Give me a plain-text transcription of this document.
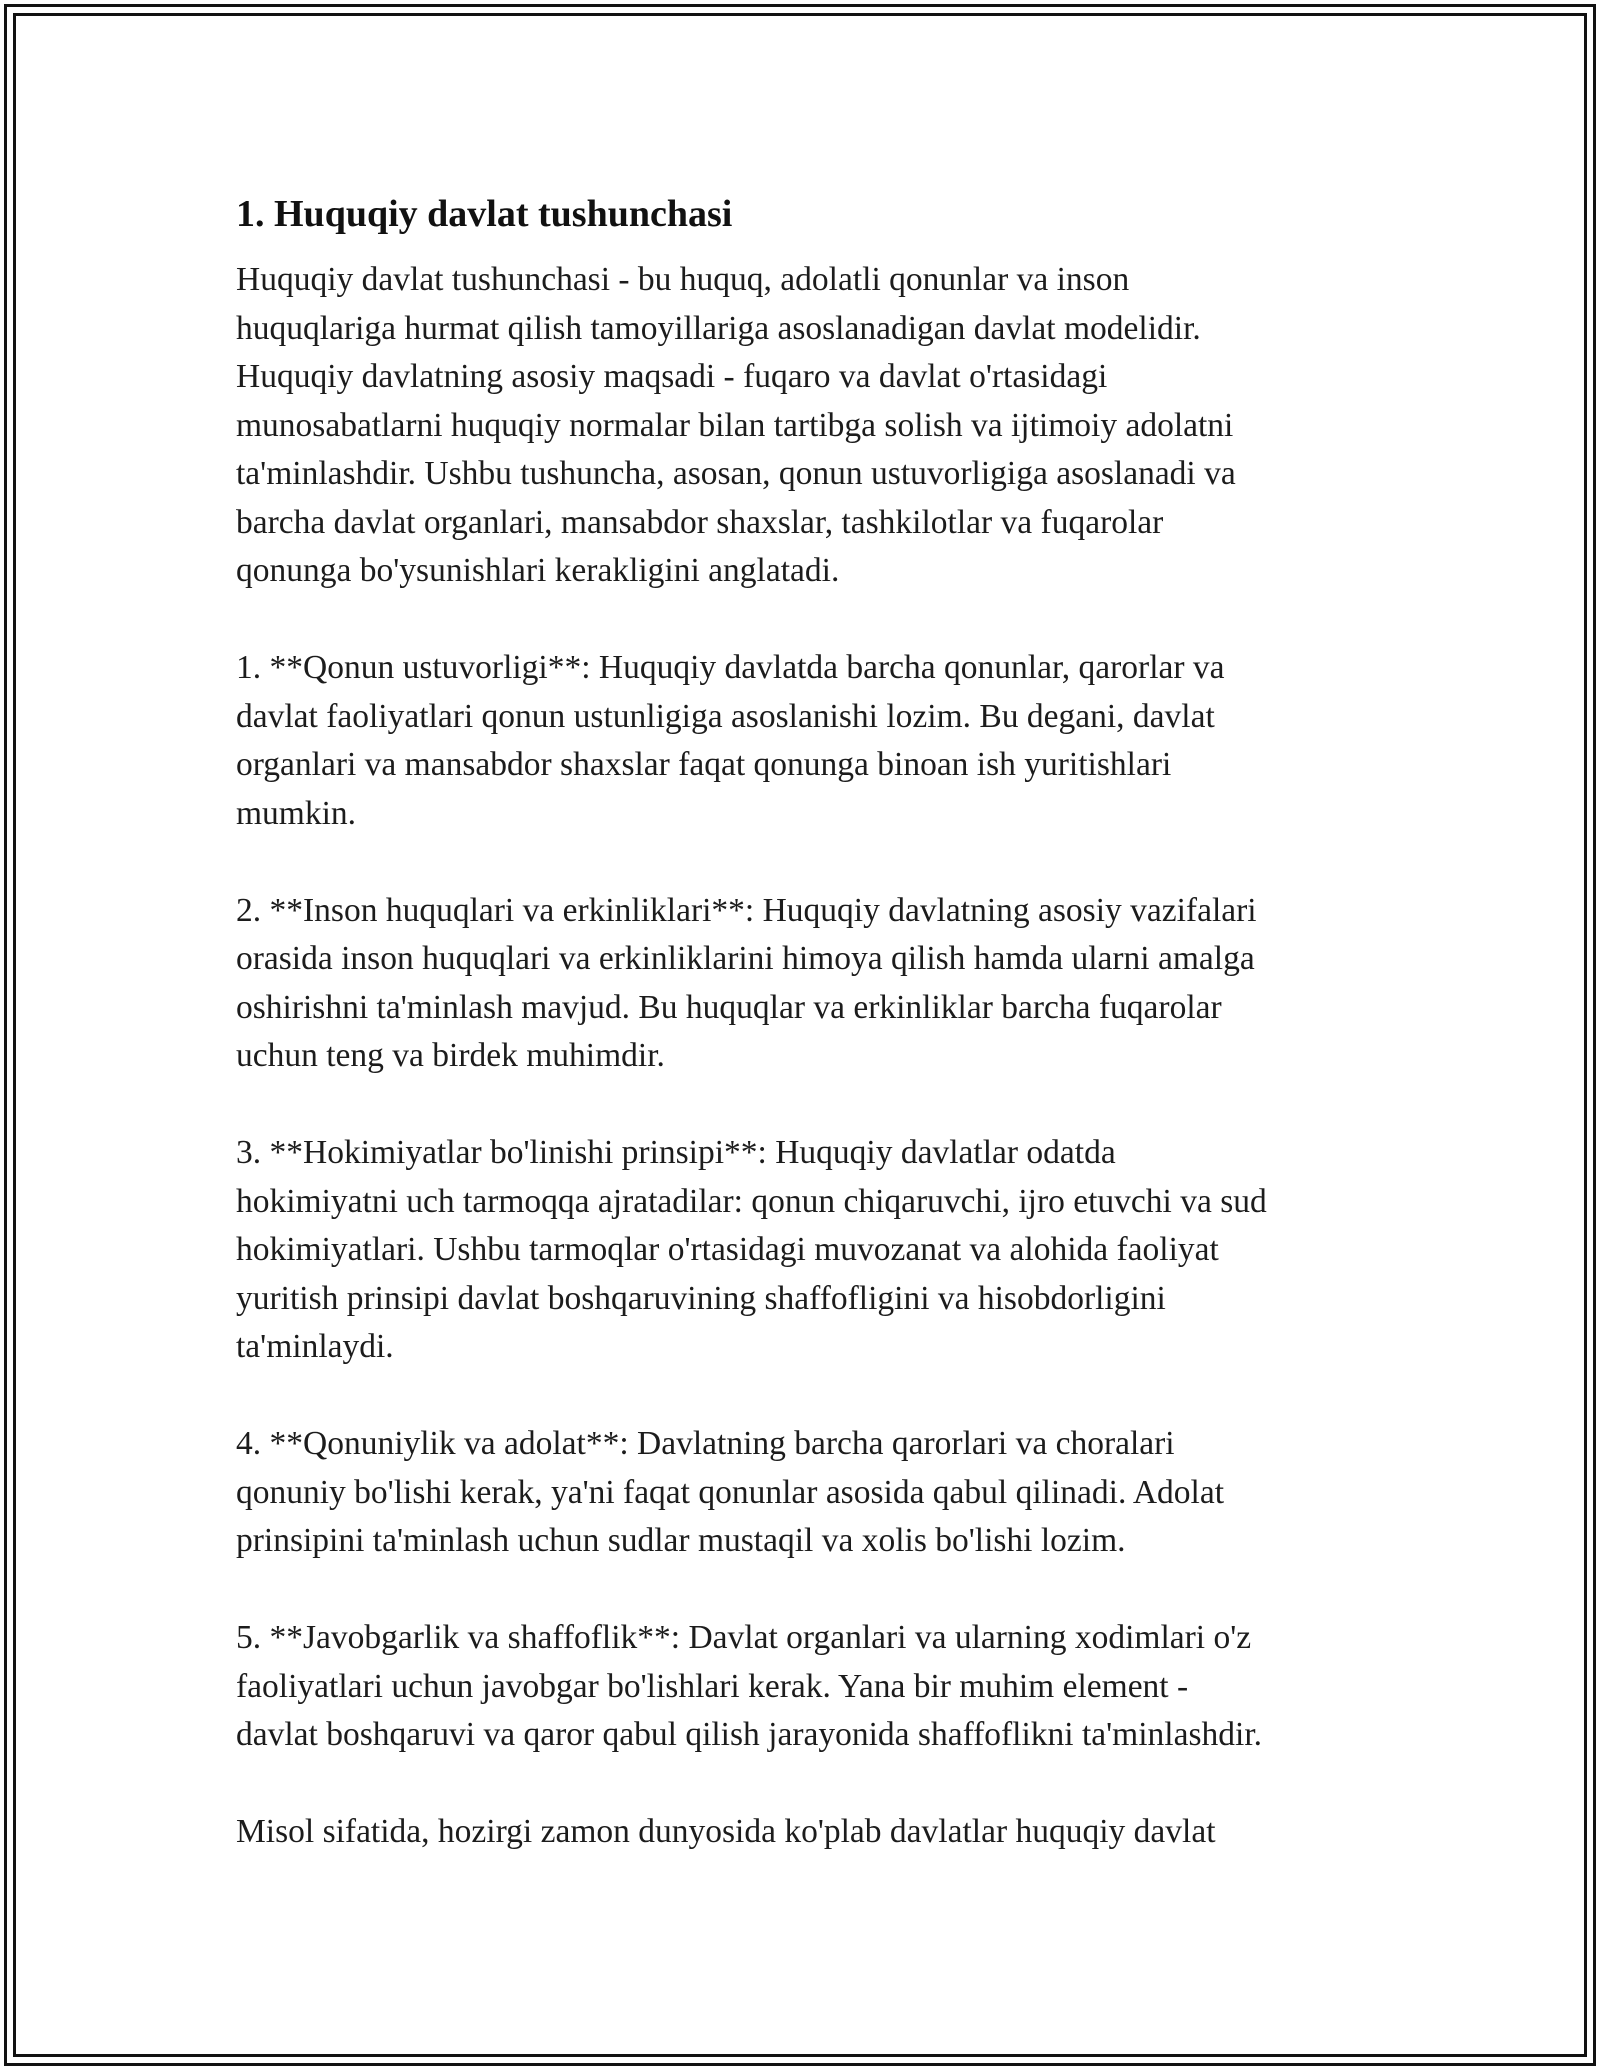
1. Huquqiy davlat tushunchasi

Huquqiy davlat tushunchasi - bu huquq, adolatli qonunlar va inson
huquqlariga hurmat qilish tamoyillariga asoslanadigan davlat modelidir.
Huquqiy davlatning asosiy maqsadi - fuqaro va davlat o'rtasidagi
munosabatlarni huquqiy normalar bilan tartibga solish va ijtimoiy adolatni
ta'minlashdir. Ushbu tushuncha, asosan, qonun ustuvorligiga asoslanadi va
barcha davlat organlari, mansabdor shaxslar, tashkilotlar va fuqarolar
qonunga bo'ysunishlari kerakligini anglatadi.

1. **Qonun ustuvorligi**: Huquqiy davlatda barcha qonunlar, qarorlar va
davlat faoliyatlari qonun ustunligiga asoslanishi lozim. Bu degani, davlat
organlari va mansabdor shaxslar faqat qonunga binoan ish yuritishlari
mumkin.

2. **Inson huquqlari va erkinliklari**: Huquqiy davlatning asosiy vazifalari
orasida inson huquqlari va erkinliklarini himoya qilish hamda ularni amalga
oshirishni ta'minlash mavjud. Bu huquqlar va erkinliklar barcha fuqarolar
uchun teng va birdek muhimdir.

3. **Hokimiyatlar bo'linishi prinsipi**: Huquqiy davlatlar odatda
hokimiyatni uch tarmoqqa ajratadilar: qonun chiqaruvchi, ijro etuvchi va sud
hokimiyatlari. Ushbu tarmoqlar o'rtasidagi muvozanat va alohida faoliyat
yuritish prinsipi davlat boshqaruvining shaffofligini va hisobdorligini
ta'minlaydi.

4. **Qonuniylik va adolat**: Davlatning barcha qarorlari va choralari
qonuniy bo'lishi kerak, ya'ni faqat qonunlar asosida qabul qilinadi. Adolat
prinsipini ta'minlash uchun sudlar mustaqil va xolis bo'lishi lozim.

5. **Javobgarlik va shaffoflik**: Davlat organlari va ularning xodimlari o'z
faoliyatlari uchun javobgar bo'lishlari kerak. Yana bir muhim element -
davlat boshqaruvi va qaror qabul qilish jarayonida shaffoflikni ta'minlashdir.

Misol sifatida, hozirgi zamon dunyosida ko'plab davlatlar huquqiy davlat
